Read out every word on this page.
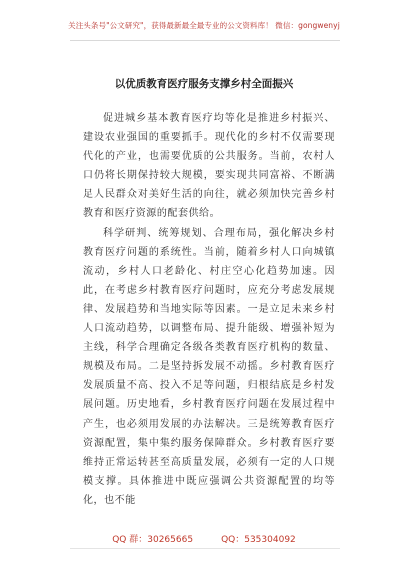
关注头条号"公文研究"，获得最新最全最专业的公文资料库！ 微信：gongwenyj
以优质教育医疗服务支撑乡村全面振兴

促进城乡基本教育医疗均等化是推进乡村振兴、建设农业强国的重要抓手。现代化的乡村不仅需要现代化的产业，也需要优质的公共服务。当前，农村人口仍将长期保持较大规模，要实现共同富裕、不断满足人民群众对美好生活的向往，就必须加快完善乡村教育和医疗资源的配套供给。

科学研判、统筹规划、合理布局，强化解决乡村教育医疗问题的系统性。当前，随着乡村人口向城镇流动，乡村人口老龄化、村庄空心化趋势加速。因此，在考虑乡村教育医疗问题时，应充分考虑发展规律、发展趋势和当地实际等因素。一是立足未来乡村人口流动趋势，以调整布局、提升能级、增强补短为主线，科学合理确定各级各类教育医疗机构的数量、规模及布局。二是坚持拆发展不动摇。乡村教育医疗发展质量不高、投入不足等问题，归根结底是乡村发展问题。历史地看，乡村教育医疗问题在发展过程中产生，也必须用发展的办法解决。三是统筹教育医疗资源配置，集中集约服务保障群众。乡村教育医疗要维持正常运转甚至高质量发展，必须有一定的人口规模支撑。具体推进中既应强调公共资源配置的均等化，也不能

QQ 群：30265665	QQ：535304092
